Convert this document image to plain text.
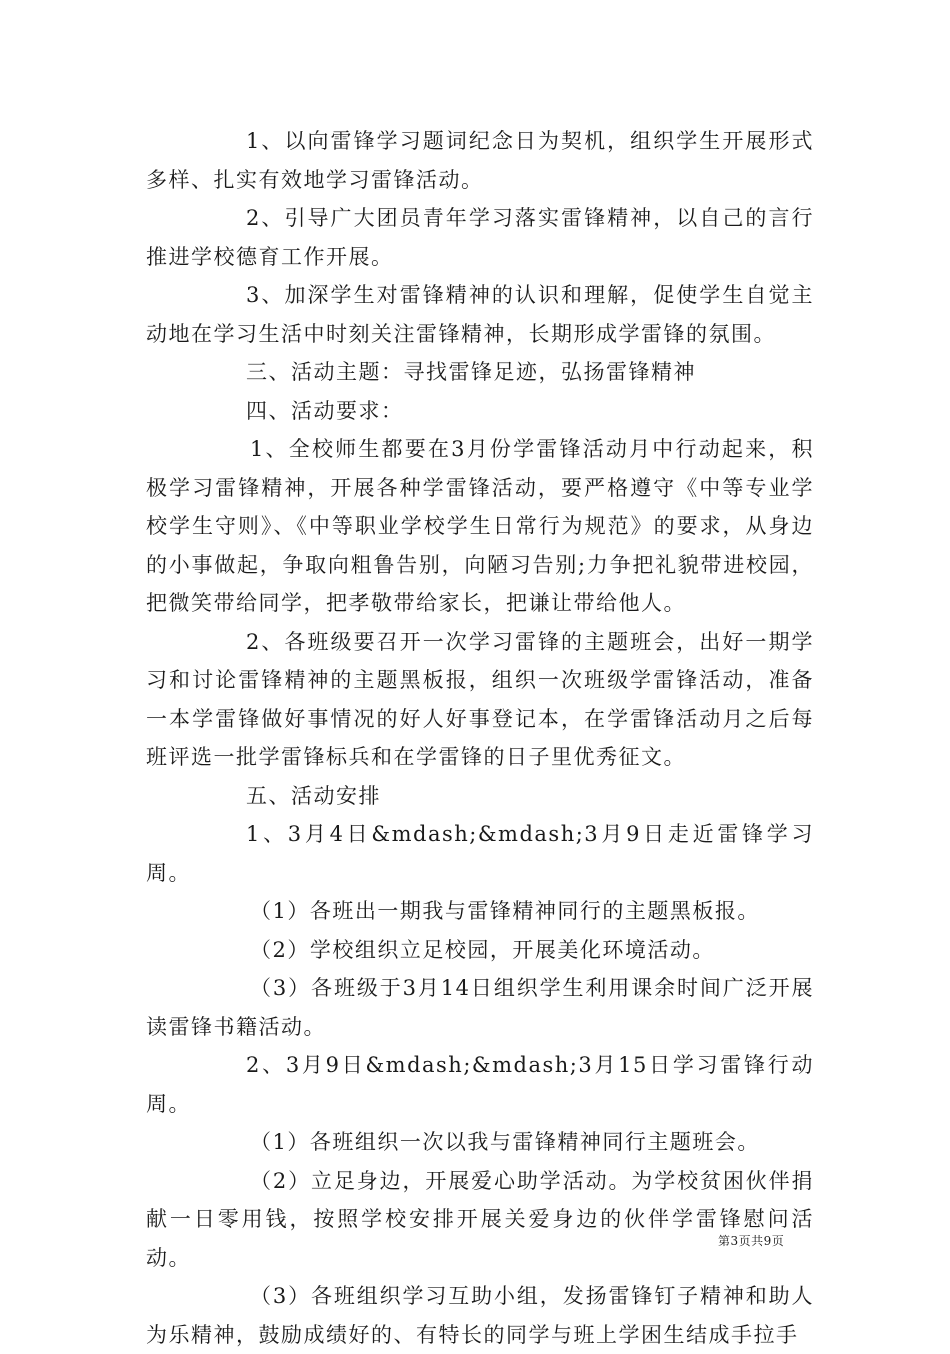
1、以向雷锋学习题词纪念日为契机，组织学生开展形式多样、扎实有效地学习雷锋活动。

2、引导广大团员青年学习落实雷锋精神，以自己的言行推进学校德育工作开展。

3、加深学生对雷锋精神的认识和理解，促使学生自觉主动地在学习生活中时刻关注雷锋精神，长期形成学雷锋的氛围。

三、活动主题：寻找雷锋足迹，弘扬雷锋精神

四、活动要求：

1、全校师生都要在3月份学雷锋活动月中行动起来，积极学习雷锋精神，开展各种学雷锋活动，要严格遵守《中等专业学校学生守则》、《中等职业学校学生日常行为规范》的要求，从身边的小事做起，争取向粗鲁告别，向陋习告别;力争把礼貌带进校园，把微笑带给同学，把孝敬带给家长，把谦让带给他人。

2、各班级要召开一次学习雷锋的主题班会，出好一期学习和讨论雷锋精神的主题黑板报，组织一次班级学雷锋活动，准备一本学雷锋做好事情况的好人好事登记本，在学雷锋活动月之后每班评选一批学雷锋标兵和在学雷锋的日子里优秀征文。

五、活动安排

1、3月4日&mdash;&mdash;3月9日走近雷锋学习周。

（1）各班出一期我与雷锋精神同行的主题黑板报。

（2）学校组织立足校园，开展美化环境活动。

（3）各班级于3月14日组织学生利用课余时间广泛开展读雷锋书籍活动。

2、3月9日&mdash;&mdash;3月15日学习雷锋行动周。

（1）各班组织一次以我与雷锋精神同行主题班会。

（2）立足身边，开展爱心助学活动。为学校贫困伙伴捐献一日零用钱，按照学校安排开展关爱身边的伙伴学雷锋慰问活动。

（3）各班组织学习互助小组，发扬雷锋钉子精神和助人为乐精神，鼓励成绩好的、有特长的同学与班上学困生结成手拉手

第3页共9页
